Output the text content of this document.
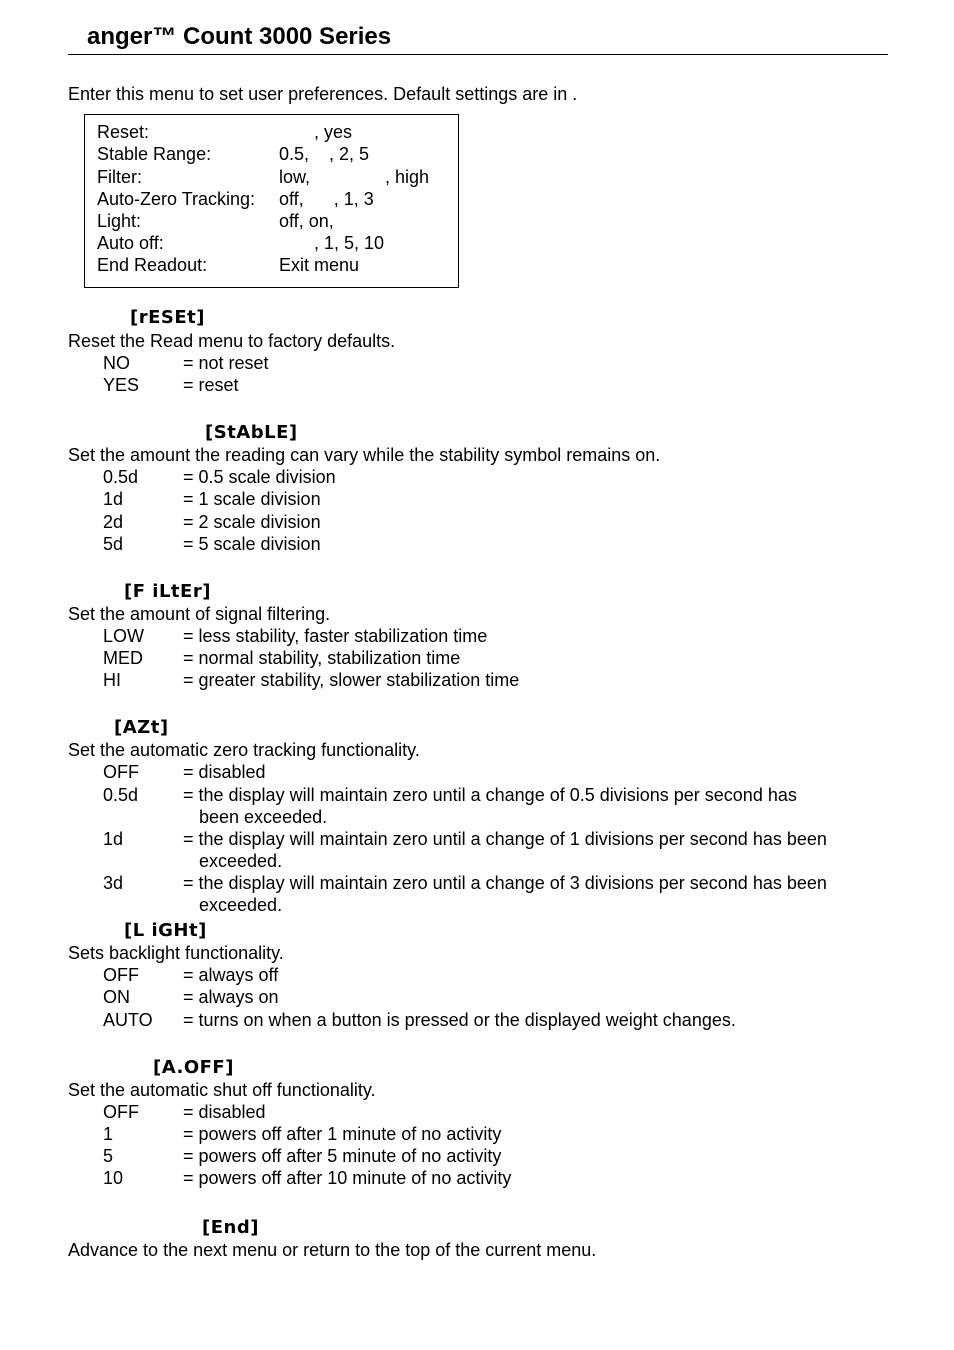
anger™ Count 3000 Series
Enter this menu to set user preferences. Default settings are in .
Reset:	, yes
Stable Range:	0.5,    , 2, 5
Filter:	low,               , high
Auto-Zero Tracking: off,      , 1, 3
Light:	off, on,
Auto off:	, 1, 5, 10
End Readout:	Exit menu
[rESEt]
Reset the Read menu to factory defaults.
NO	= not reset
YES = reset
[StAbLE]
Set the amount the reading can vary while the stability symbol remains on.
0.5d = 0.5 scale division
1d	= 1 scale division
2d	= 2 scale division
5d	= 5 scale division
[F iLtEr]
Set the amount of signal filtering.
LOW = less stability, faster stabilization time
MED = normal stability, stabilization time
HI	= greater stability, slower stabilization time
[AZt]
Set the automatic zero tracking functionality.
OFF = disabled
0.5d = the display will maintain zero until a change of 0.5 divisions per second has
been exceeded.
1d	= the display will maintain zero until a change of 1 divisions per second has been
exceeded.
3d	= the display will maintain zero until a change of 3 divisions per second has been
exceeded.
[L iGHt]
Sets backlight functionality.
OFF = always off
ON	= always on
AUTO = turns on when a button is pressed or the displayed weight changes.
[A.OFF]
Set the automatic shut off functionality.
OFF = disabled
1	= powers off after 1 minute of no activity
5	= powers off after 5 minute of no activity
10	= powers off after 10 minute of no activity
[End]
Advance to the next menu or return to the top of the current menu.
